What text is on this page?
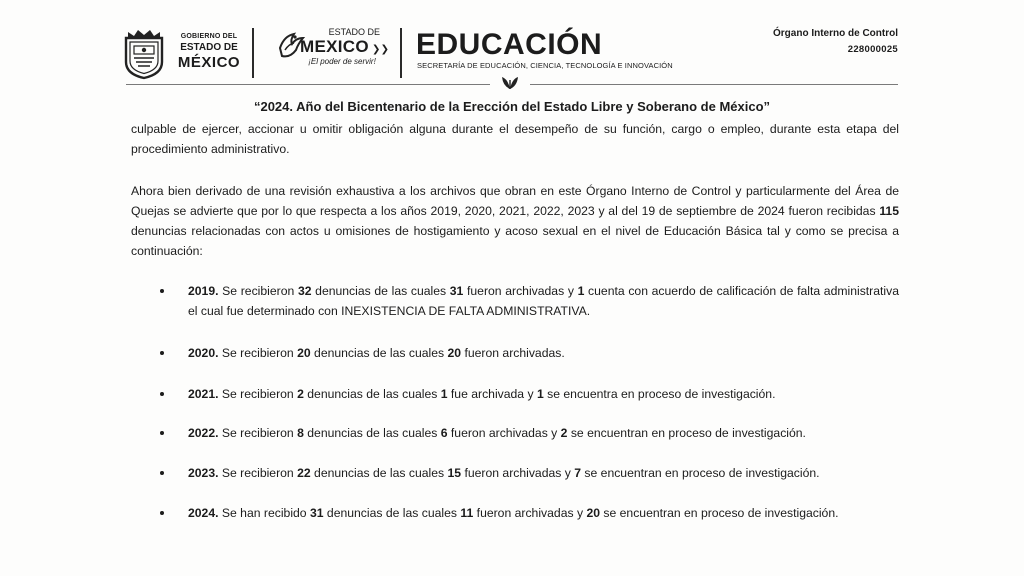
GOBIERNO DEL
ESTADO DE
MÉXICO
ESTADO DE
MEXICO ❯❯
¡El poder de servir!
EDUCACIÓN
SECRETARÍA DE EDUCACIÓN, CIENCIA, TECNOLOGÍA E INNOVACIÓN
Órgano Interno de Control
228000025
“2024. Año del Bicentenario de la Erección del Estado Libre y Soberano de México”

culpable de ejercer, accionar u omitir obligación alguna durante el desempeño de su función, cargo o empleo, durante esta etapa del procedimiento administrativo.

Ahora bien derivado de una revisión exhaustiva a los archivos que obran en este Órgano Interno de Control y particularmente del Área de Quejas se advierte que por lo que respecta a los años 2019, 2020, 2021, 2022, 2023 y al del 19 de septiembre de 2024 fueron recibidas 115 denuncias relacionadas con actos u omisiones de hostigamiento y acoso sexual en el nivel de Educación Básica tal y como se precisa a continuación:

2019. Se recibieron 32 denuncias de las cuales 31 fueron archivadas y 1 cuenta con acuerdo de calificación de falta administrativa el cual fue determinado con INEXISTENCIA DE FALTA ADMINISTRATIVA.
2020. Se recibieron 20 denuncias de las cuales 20 fueron archivadas.
2021. Se recibieron 2 denuncias de las cuales 1 fue archivada y 1 se encuentra en proceso de investigación.
2022. Se recibieron 8 denuncias de las cuales 6 fueron archivadas y 2 se encuentran en proceso de investigación.
2023. Se recibieron 22 denuncias de las cuales 15 fueron archivadas y 7 se encuentran en proceso de investigación.
2024. Se han recibido 31 denuncias de las cuales 11 fueron archivadas y 20 se encuentran en proceso de investigación.
